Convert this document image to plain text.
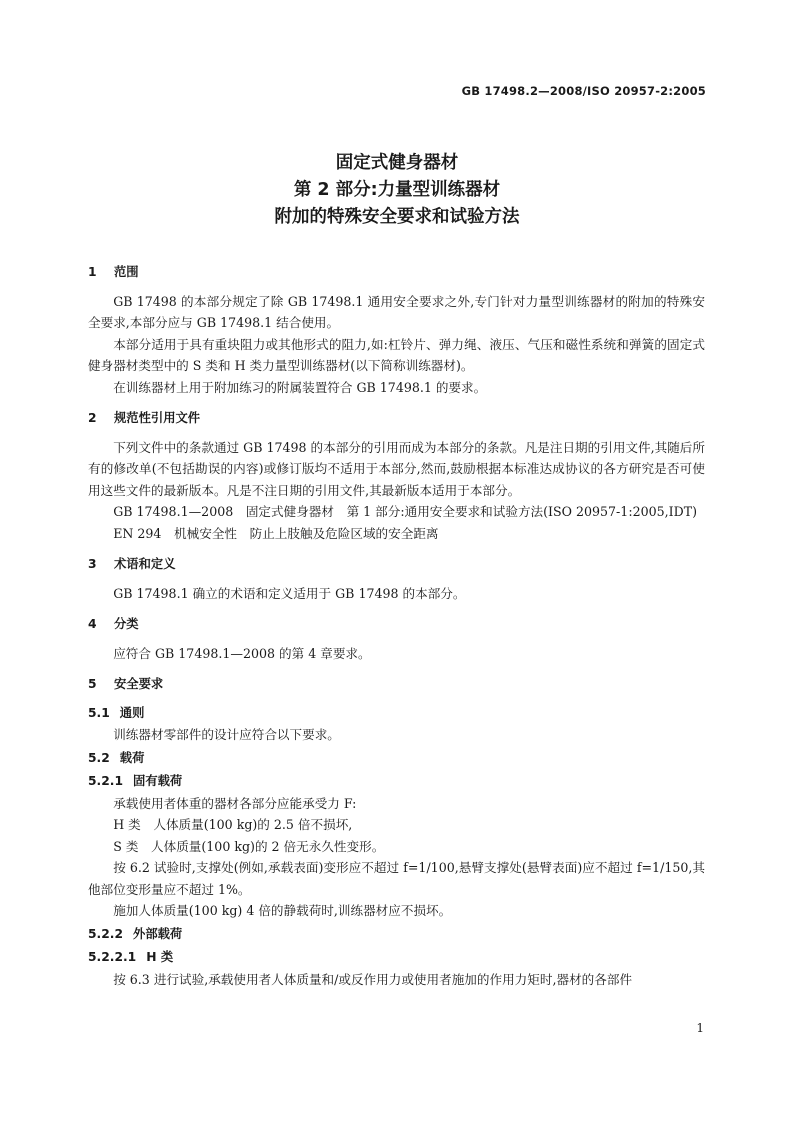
GB 17498.2—2008/ISO 20957-2:2005
固定式健身器材
第 2 部分:力量型训练器材
附加的特殊安全要求和试验方法
1 范围

GB 17498 的本部分规定了除 GB 17498.1 通用安全要求之外,专门针对力量型训练器材的附加的特殊安全要求,本部分应与 GB 17498.1 结合使用。

本部分适用于具有重块阻力或其他形式的阻力,如:杠铃片、弹力绳、液压、气压和磁性系统和弹簧的固定式健身器材类型中的 S 类和 H 类力量型训练器材(以下简称训练器材)。

在训练器材上用于附加练习的附属装置符合 GB 17498.1 的要求。

2 规范性引用文件

下列文件中的条款通过 GB 17498 的本部分的引用而成为本部分的条款。凡是注日期的引用文件,其随后所有的修改单(不包括勘误的内容)或修订版均不适用于本部分,然而,鼓励根据本标准达成协议的各方研究是否可使用这些文件的最新版本。凡是不注日期的引用文件,其最新版本适用于本部分。

GB 17498.1—2008　固定式健身器材　第 1 部分:通用安全要求和试验方法(ISO 20957-1:2005,IDT)

EN 294　机械安全性　防止上肢触及危险区域的安全距离

3 术语和定义

GB 17498.1 确立的术语和定义适用于 GB 17498 的本部分。

4 分类

应符合 GB 17498.1—2008 的第 4 章要求。

5 安全要求
5.1 通则

训练器材零部件的设计应符合以下要求。

5.2 载荷
5.2.1 固有载荷

承载使用者体重的器材各部分应能承受力 F:

H 类　人体质量(100 kg)的 2.5 倍不损坏,

S 类　人体质量(100 kg)的 2 倍无永久性变形。

按 6.2 试验时,支撑处(例如,承载表面)变形应不超过 f=1/100,悬臂支撑处(悬臂表面)应不超过 f=1/150,其他部位变形量应不超过 1%。

施加人体质量(100 kg) 4 倍的静载荷时,训练器材应不损坏。

5.2.2 外部载荷
5.2.2.1 H 类

按 6.3 进行试验,承载使用者人体质量和/或反作用力或使用者施加的作用力矩时,器材的各部件

1
